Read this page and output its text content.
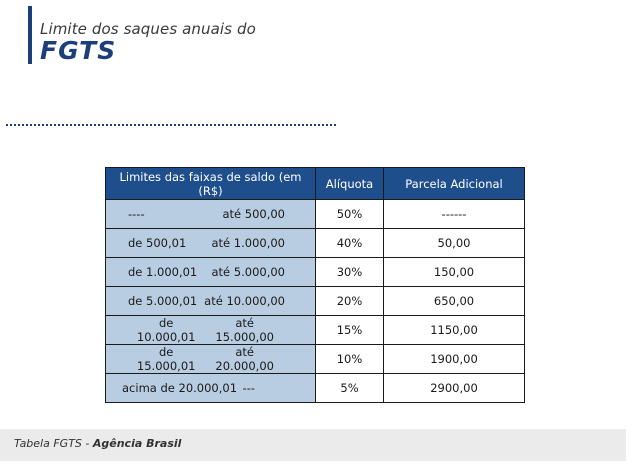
Limite dos saques anuais do
FGTS
Limites das faixas de saldo (em (R$)	Alíquota	Parcela Adicional

---- até 500,00	50%	------

de 500,01 até 1.000,00	40%	50,00

de 1.000,01 até 5.000,00	30%	150,00

de 5.000,01 até 10.000,00	20%	650,00

de 10.000,01
até 15.000,00	15%	1150,00

de 15.000,01
até 20.000,00	10%	1900,00

acima de 20.000,01 ---	5%	2900,00
Tabela FGTS - Agência Brasil
